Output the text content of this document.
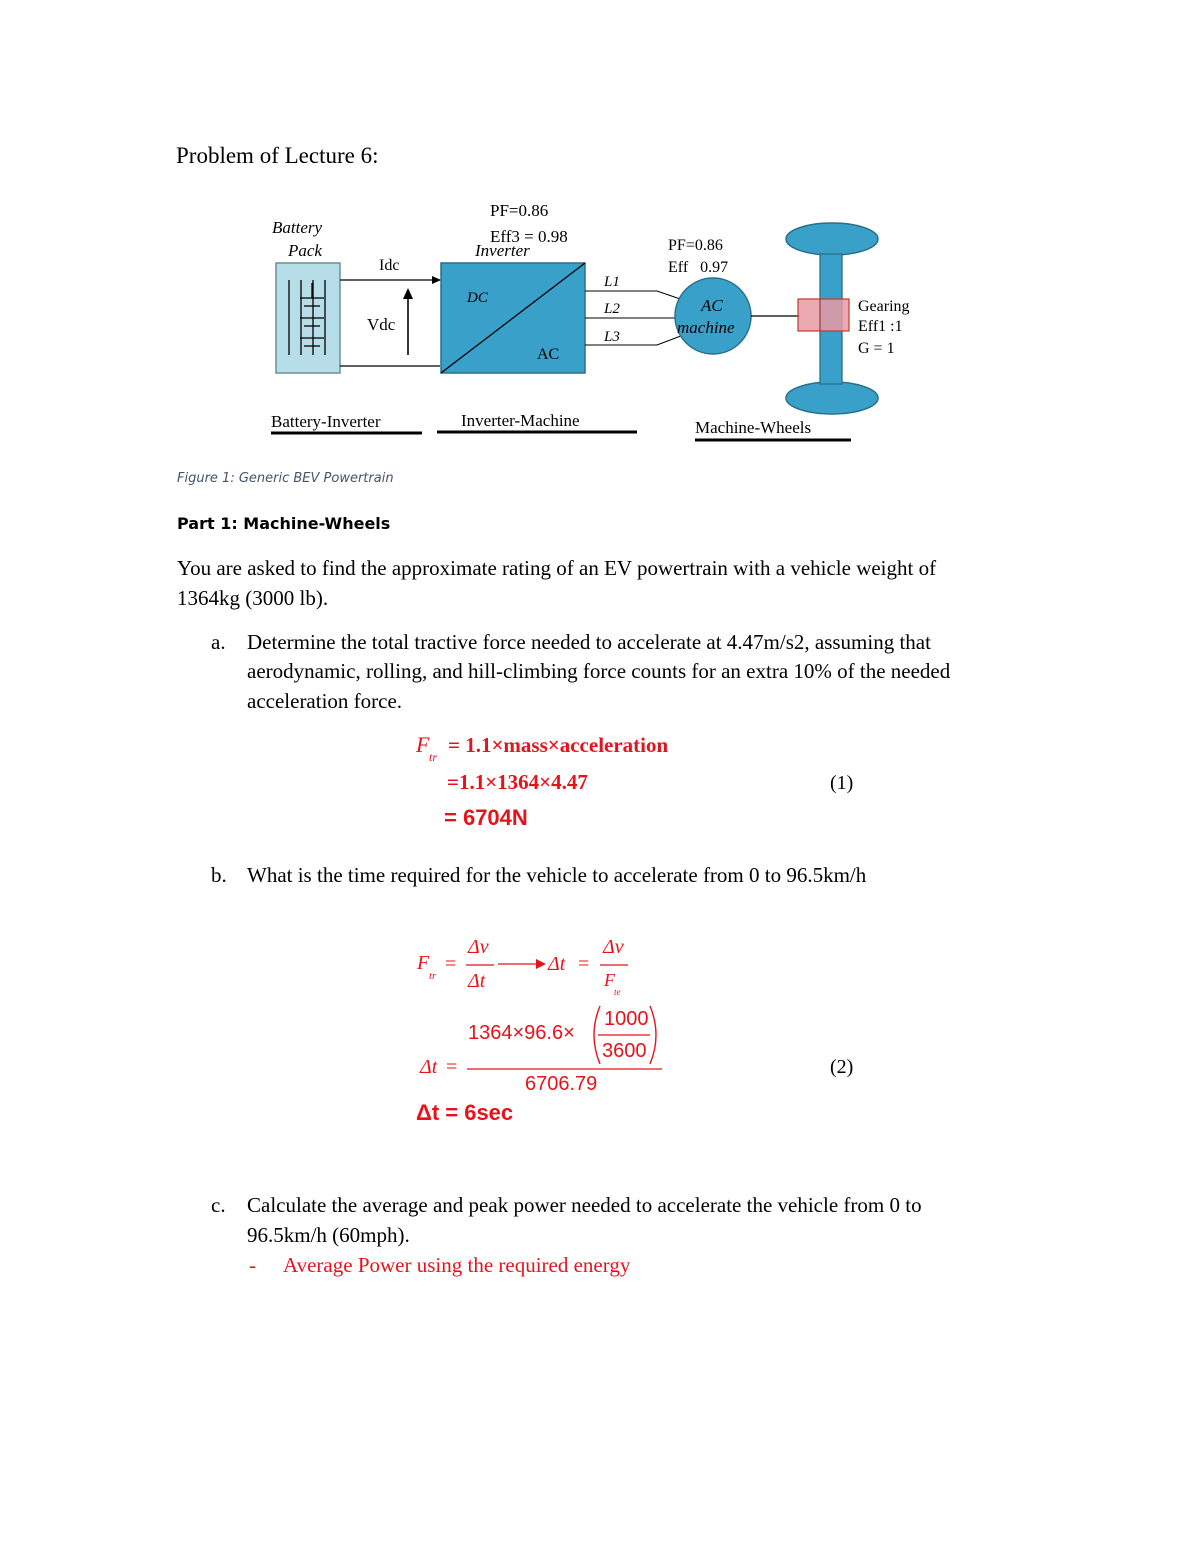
Problem of Lecture 6:
Battery
Pack
Idc
Vdc
PF=0.86
Eff3 = 0.98
Inverter
DC
AC
L1
L2
L3
PF=0.86
Eff   0.97
AC
machine
Gearing
Eff1 :1
G = 1
Battery-Inverter	Inverter-Machine	Machine-Wheels
Figure 1: Generic BEV Powertrain
Part 1: Machine-Wheels
You are asked to find the approximate rating of an EV powertrain with a vehicle weight of
1364kg (3000 lb).
a. Determine the total tractive force needed to accelerate at 4.47m/s2, assuming that
aerodynamic, rolling, and hill-climbing force counts for an extra 10% of the needed
acceleration force.
F tr = 1.1×mass×acceleration
=1.1×1364×4.47
= 6704N
(1)
b. What is the time required for the vehicle to accelerate from 0 to 96.5km/h
F
tr
=
Δv
Δt
Δt =
Δv
F
te
1364×96.6×
1000
3600
Δt =
6706.79
Δt = 6sec
(2)
c. Calculate the average and peak power needed to accelerate the vehicle from 0 to
96.5km/h (60mph).
- Average Power using the required energy
